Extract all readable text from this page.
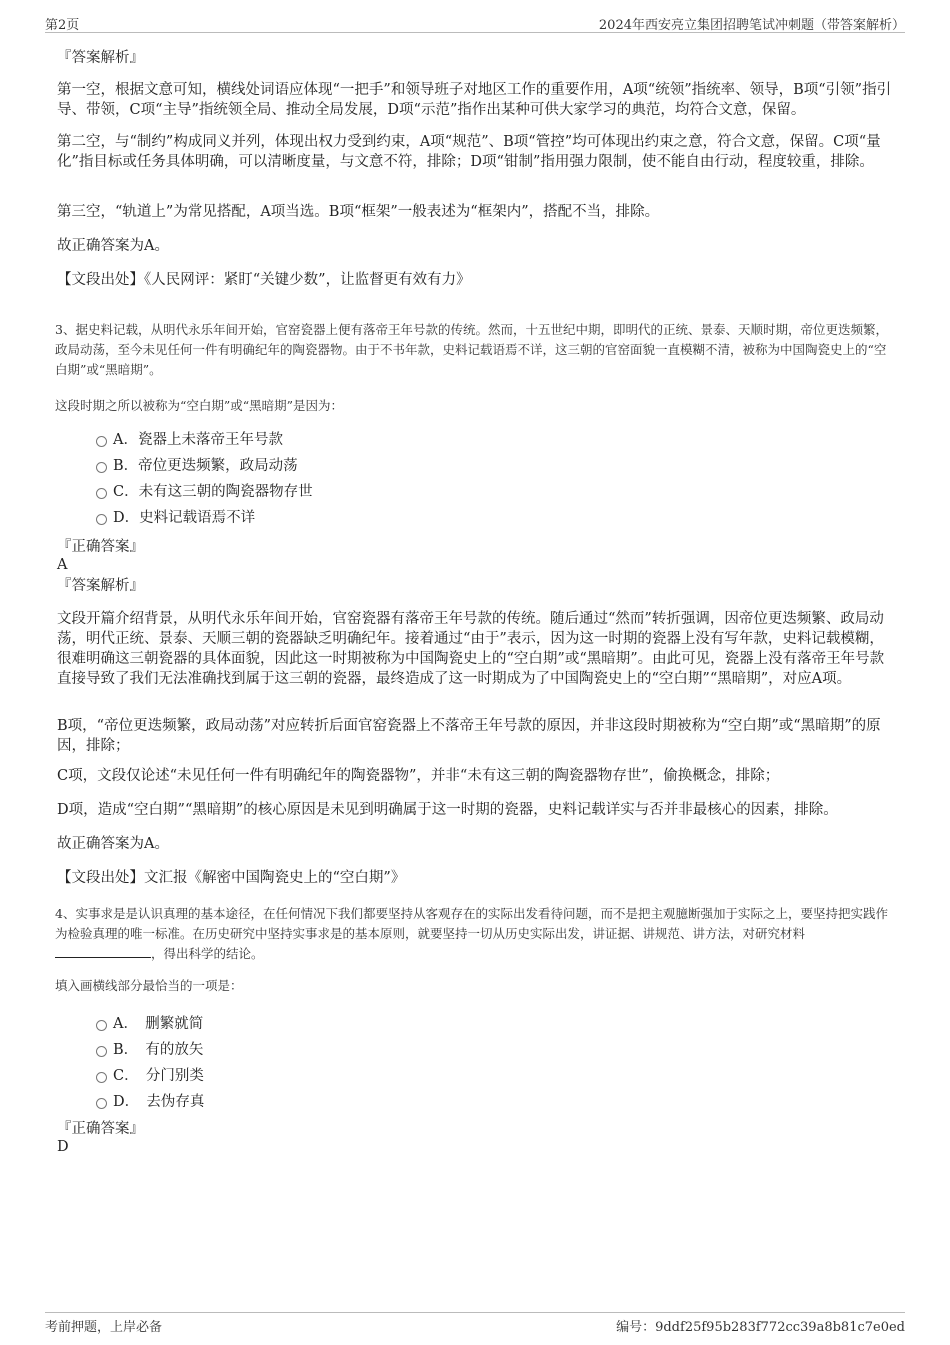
第2页	2024年西安亮立集团招聘笔试冲刺题（带答案解析）
『答案解析』
第一空，根据文意可知，横线处词语应体现“一把手”和领导班子对地区工作的重要作用，A项“统领”指统率、领导，B项“引领”指引导、带领，C项“主导”指统领全局、推动全局发展，D项“示范”指作出某种可供大家学习的典范，均符合文意，保留。
第二空，与“制约”构成同义并列，体现出权力受到约束，A项“规范”、B项“管控”均可体现出约束之意，符合文意，保留。C项“量化”指目标或任务具体明确，可以清晰度量，与文意不符，排除；D项“钳制”指用强力限制，使不能自由行动，程度较重，排除。
第三空，“轨道上”为常见搭配，A项当选。B项“框架”一般表述为“框架内”，搭配不当，排除。
故正确答案为A。
【文段出处】《人民网评：紧盯“关键少数”，让监督更有效有力》
3、据史料记载，从明代永乐年间开始，官窑瓷器上便有落帝王年号款的传统。然而，十五世纪中期，即明代的正统、景泰、天顺时期，帝位更迭频繁，政局动荡，至今未见任何一件有明确纪年的陶瓷器物。由于不书年款，史料记载语焉不详，这三朝的官窑面貌一直模糊不清，被称为中国陶瓷史上的“空白期”或“黑暗期”。
这段时期之所以被称为“空白期”或“黑暗期”是因为：
A．瓷器上未落帝王年号款
B．帝位更迭频繁，政局动荡
C．未有这三朝的陶瓷器物存世
D．史料记载语焉不详
『正确答案』
A
『答案解析』
文段开篇介绍背景，从明代永乐年间开始，官窑瓷器有落帝王年号款的传统。随后通过“然而”转折强调，因帝位更迭频繁、政局动荡，明代正统、景泰、天顺三朝的瓷器缺乏明确纪年。接着通过“由于”表示，因为这一时期的瓷器上没有写年款，史料记载模糊，很难明确这三朝瓷器的具体面貌，因此这一时期被称为中国陶瓷史上的“空白期”或“黑暗期”。由此可见，瓷器上没有落帝王年号款直接导致了我们无法准确找到属于这三朝的瓷器，最终造成了这一时期成为了中国陶瓷史上的“空白期”“黑暗期”，对应A项。
B项，“帝位更迭频繁，政局动荡”对应转折后面官窑瓷器上不落帝王年号款的原因，并非这段时期被称为“空白期”或“黑暗期”的原因，排除；
C项，文段仅论述“未见任何一件有明确纪年的陶瓷器物”，并非“未有这三朝的陶瓷器物存世”，偷换概念，排除；
D项，造成“空白期”“黑暗期”的核心原因是未见到明确属于这一时期的瓷器，史料记载详实与否并非最核心的因素，排除。
故正确答案为A。
【文段出处】文汇报《解密中国陶瓷史上的“空白期”》
4、实事求是是认识真理的基本途径，在任何情况下我们都要坚持从客观存在的实际出发看待问题，而不是把主观臆断强加于实际之上，要坚持把实践作为检验真理的唯一标准。在历史研究中坚持实事求是的基本原则，就要坚持一切从历史实际出发，讲证据、讲规范、讲方法，对研究材料 ，得出科学的结论。
填入画横线部分最恰当的一项是：
A．　删繁就简
B．　有的放矢
C．　分门别类
D．　去伪存真
『正确答案』
D
考前押题，上岸必备	编号：9ddf25f95b283f772cc39a8b81c7e0ed
